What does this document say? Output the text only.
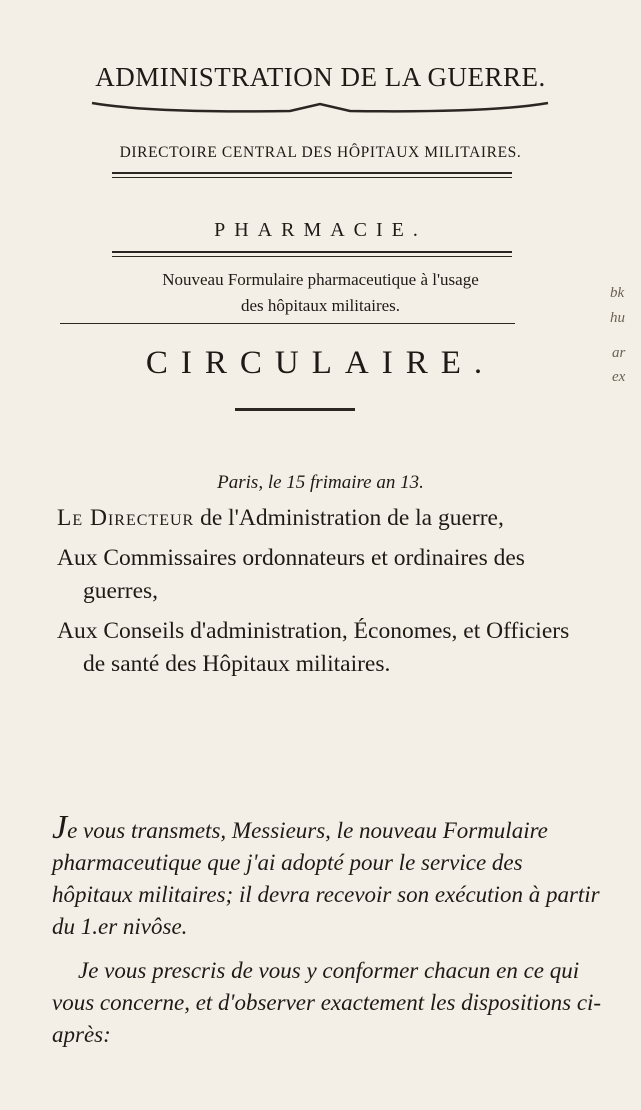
ADMINISTRATION DE LA GUERRE.
DIRECTOIRE CENTRAL DES HÔPITAUX MILITAIRES.
PHARMACIE.
Nouveau Formulaire pharmaceutique à l'usage
des hôpitaux militaires.
CIRCULAIRE.
Paris, le 15 frimaire an 13.

Le Directeur de l'Administration de la guerre,

Aux Commissaires ordonnateurs et ordinaires des guerres,

Aux Conseils d'administration, Économes, et Officiers de santé des Hôpitaux militaires.

Je vous transmets, Messieurs, le nouveau Formulaire pharmaceutique que j'ai adopté pour le service des hôpitaux militaires; il devra recevoir son exécution à partir du 1.er nivôse.

Je vous prescris de vous y conformer chacun en ce qui vous concerne, et d'observer exactement les dispositions ci-après:

bk
hu
ar
ex
